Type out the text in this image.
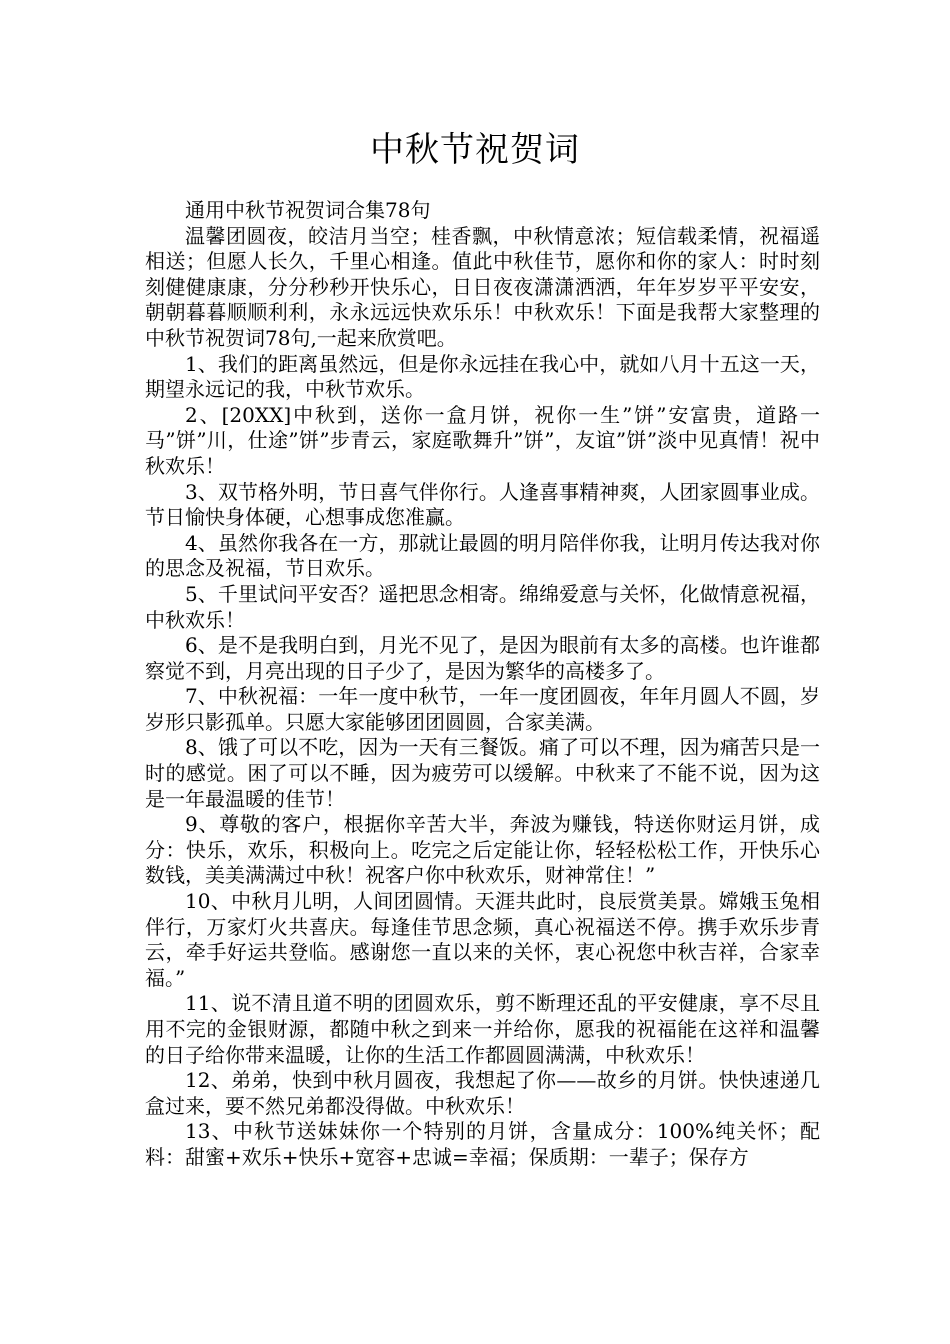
中秋节祝贺词

通用中秋节祝贺词合集78句

温馨团圆夜，皎洁月当空；桂香飘，中秋情意浓；短信载柔情，祝福遥相送；但愿人长久，千里心相逢。值此中秋佳节，愿你和你的家人：时时刻刻健健康康，分分秒秒开快乐心，日日夜夜潇潇洒洒，年年岁岁平平安安，朝朝暮暮顺顺利利，永永远远快欢乐乐！中秋欢乐！下面是我帮大家整理的中秋节祝贺词78句,一起来欣赏吧。

1、我们的距离虽然远，但是你永远挂在我心中，就如八月十五这一天，期望永远记的我，中秋节欢乐。

2、[20XX]中秋到，送你一盒月饼，祝你一生”饼”安富贵，道路一马”饼”川，仕途”饼”步青云，家庭歌舞升”饼”，友谊”饼”淡中见真情！祝中秋欢乐！

3、双节格外明，节日喜气伴你行。人逢喜事精神爽，人团家圆事业成。节日愉快身体硬，心想事成您准赢。

4、虽然你我各在一方，那就让最圆的明月陪伴你我，让明月传达我对你的思念及祝福，节日欢乐。

5、千里试问平安否？遥把思念相寄。绵绵爱意与关怀，化做情意祝福，中秋欢乐！

6、是不是我明白到，月光不见了，是因为眼前有太多的高楼。也许谁都察觉不到，月亮出现的日子少了，是因为繁华的高楼多了。

7、中秋祝福：一年一度中秋节，一年一度团圆夜，年年月圆人不圆，岁岁形只影孤单。只愿大家能够团团圆圆，合家美满。

8、饿了可以不吃，因为一天有三餐饭。痛了可以不理，因为痛苦只是一时的感觉。困了可以不睡，因为疲劳可以缓解。中秋来了不能不说，因为这是一年最温暖的佳节！

9、尊敬的客户，根据你辛苦大半，奔波为赚钱，特送你财运月饼，成分：快乐，欢乐，积极向上。吃完之后定能让你，轻轻松松工作，开快乐心数钱，美美满满过中秋！祝客户你中秋欢乐，财神常住！”

10、中秋月儿明，人间团圆情。天涯共此时，良辰赏美景。嫦娥玉兔相伴行，万家灯火共喜庆。每逢佳节思念频，真心祝福送不停。携手欢乐步青云，牵手好运共登临。感谢您一直以来的关怀，衷心祝您中秋吉祥，合家幸福。”

11、说不清且道不明的团圆欢乐，剪不断理还乱的平安健康，享不尽且用不完的金银财源，都随中秋之到来一并给你，愿我的祝福能在这祥和温馨的日子给你带来温暖，让你的生活工作都圆圆满满，中秋欢乐！

12、弟弟，快到中秋月圆夜，我想起了你——故乡的月饼。快快速递几盒过来，要不然兄弟都没得做。中秋欢乐！

13、中秋节送妹妹你一个特别的月饼，含量成分：100%纯关怀；配料：甜蜜+欢乐+快乐+宽容+忠诚=幸福；保质期：一辈子；保存方
